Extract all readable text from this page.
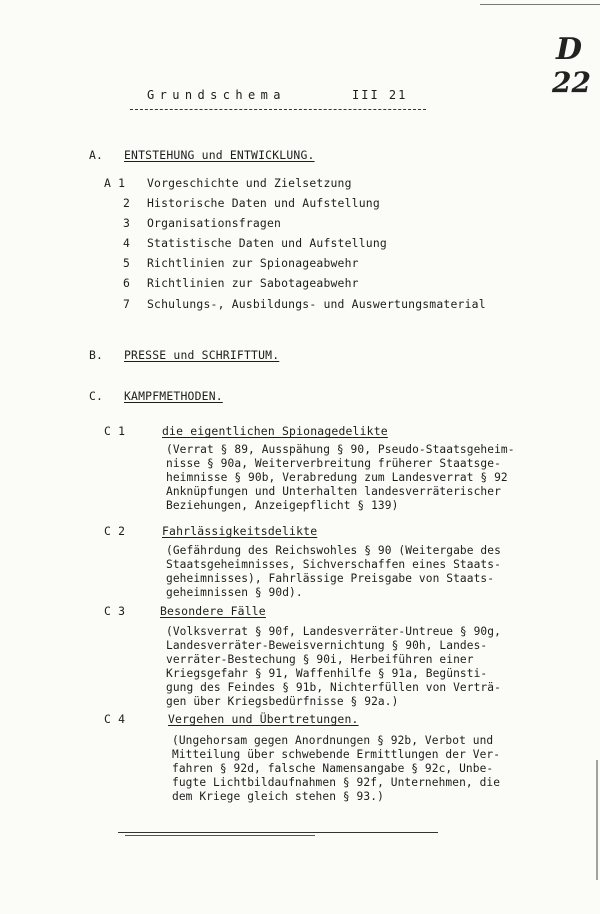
D
22
Grundschema	III 21
A. ENTSTEHUNG und ENTWICKLUNG.
A 1 Vorgeschichte und Zielsetzung
2 Historische Daten und Aufstellung
3 Organisationsfragen
4 Statistische Daten und Aufstellung
5 Richtlinien zur Spionageabwehr
6 Richtlinien zur Sabotageabwehr
7 Schulungs-, Ausbildungs- und Auswertungsmaterial
B. PRESSE und SCHRIFTTUM.
C. KAMPFMETHODEN.
C 1	die eigentlichen Spionagedelikte
(Verrat § 89, Ausspähung § 90, Pseudo-Staatsgeheim-
nisse § 90a, Weiterverbreitung früherer Staatsge-
heimnisse § 90b, Verabredung zum Landesverrat § 92
Anknüpfungen und Unterhalten landesverräterischer
Beziehungen, Anzeigepflicht § 139)
C 2	Fahrlässigkeitsdelikte
(Gefährdung des Reichswohles § 90 (Weitergabe des
Staatsgeheimnisses, Sichverschaffen eines Staats-
geheimnisses), Fahrlässige Preisgabe von Staats-
geheimnissen § 90d).
C 3	Besondere Fälle
(Volksverrat § 90f, Landesverräter-Untreue § 90g,
Landesverräter-Beweisvernichtung § 90h, Landes-
verräter-Bestechung § 90i, Herbeiführen einer
Kriegsgefahr § 91, Waffenhilfe § 91a, Begünsti-
gung des Feindes § 91b, Nichterfüllen von Verträ-
gen über Kriegsbedürfnisse § 92a.)
C 4	Vergehen und Übertretungen.
(Ungehorsam gegen Anordnungen § 92b, Verbot und
Mitteilung über schwebende Ermittlungen der Ver-
fahren § 92d, falsche Namensangabe § 92c, Unbe-
fugte Lichtbildaufnahmen § 92f, Unternehmen, die
dem Kriege gleich stehen § 93.)
